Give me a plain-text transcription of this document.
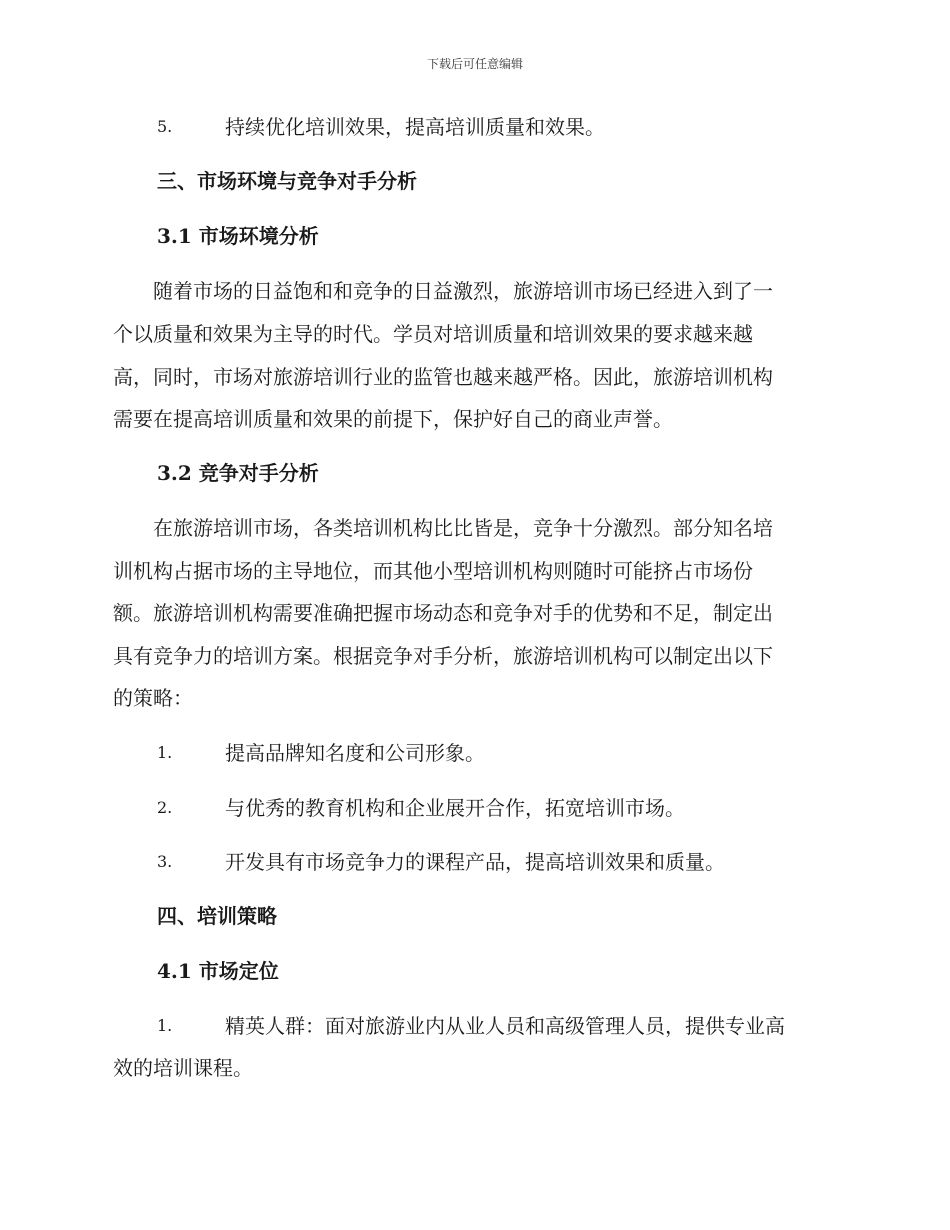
下载后可任意编辑
5.	持续优化培训效果，提高培训质量和效果。
三、市场环境与竞争对手分析
3.1 市场环境分析
　　随着市场的日益饱和和竞争的日益激烈，旅游培训市场已经进入到了一
个以质量和效果为主导的时代。学员对培训质量和培训效果的要求越来越
高，同时，市场对旅游培训行业的监管也越来越严格。因此，旅游培训机构
需要在提高培训质量和效果的前提下，保护好自己的商业声誉。
3.2 竞争对手分析
　　在旅游培训市场，各类培训机构比比皆是，竞争十分激烈。部分知名培
训机构占据市场的主导地位，而其他小型培训机构则随时可能挤占市场份
额。旅游培训机构需要准确把握市场动态和竞争对手的优势和不足，制定出
具有竞争力的培训方案。根据竞争对手分析，旅游培训机构可以制定出以下
的策略：
1.	提高品牌知名度和公司形象。
2.	与优秀的教育机构和企业展开合作，拓宽培训市场。
3.	开发具有市场竞争力的课程产品，提高培训效果和质量。
四、培训策略
4.1 市场定位
1.	精英人群：面对旅游业内从业人员和高级管理人员，提供专业高
效的培训课程。
